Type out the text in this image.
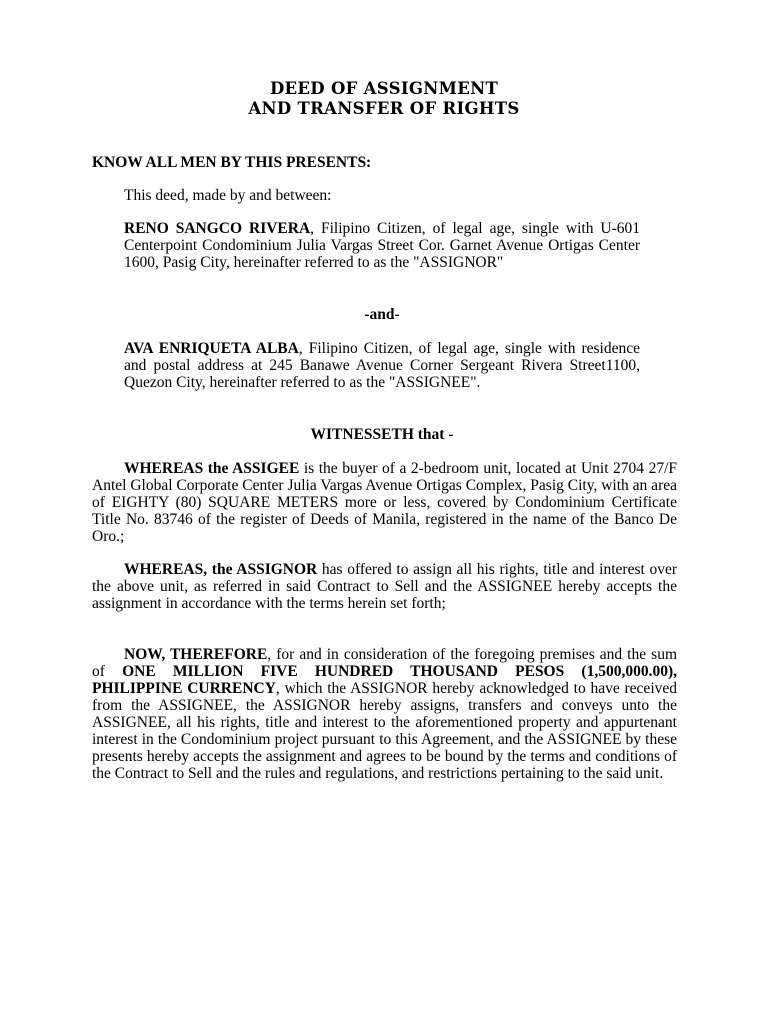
DEED OF ASSIGNMENT
AND TRANSFER OF RIGHTS
KNOW ALL MEN BY THIS PRESENTS:
This deed, made by and between:
RENO SANGCO RIVERA, Filipino Citizen, of legal age, single with U-601 Centerpoint Condominium Julia Vargas Street Cor. Garnet Avenue Ortigas Center 1600, Pasig City, hereinafter referred to as the "ASSIGNOR"
-and-
AVA ENRIQUETA ALBA, Filipino Citizen, of legal age, single with residence and postal address at 245 Banawe Avenue Corner Sergeant Rivera Street1100, Quezon City, hereinafter referred to as the "ASSIGNEE".
WITNESSETH that -
WHEREAS the ASSIGEE is the buyer of a 2-bedroom unit, located at Unit 2704 27/F Antel Global Corporate Center Julia Vargas Avenue Ortigas Complex, Pasig City, with an area of EIGHTY (80) SQUARE METERS more or less, covered by Condominium Certificate Title No. 83746 of the register of Deeds of Manila, registered in the name of the Banco De Oro.;
WHEREAS, the ASSIGNOR has offered to assign all his rights, title and interest over the above unit, as referred in said Contract to Sell and the ASSIGNEE hereby accepts the assignment in accordance with the terms herein set forth;
NOW, THEREFORE, for and in consideration of the foregoing premises and the sum of ONE MILLION FIVE HUNDRED THOUSAND PESOS (1,500,000.00), PHILIPPINE CURRENCY, which the ASSIGNOR hereby acknowledged to have received from the ASSIGNEE, the ASSIGNOR hereby assigns, transfers and conveys unto the ASSIGNEE, all his rights, title and interest to the aforementioned property and appurtenant interest in the Condominium project pursuant to this Agreement, and the ASSIGNEE by these presents hereby accepts the assignment and agrees to be bound by the terms and conditions of the Contract to Sell and the rules and regulations, and restrictions pertaining to the said unit.
